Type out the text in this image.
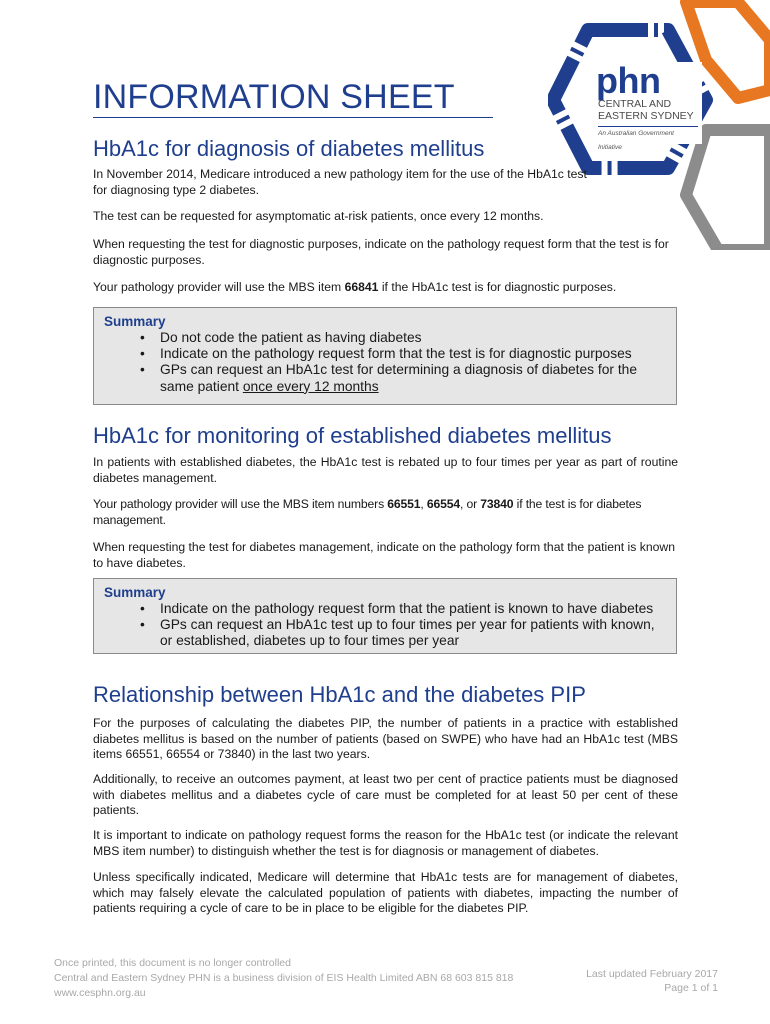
phn
CENTRAL AND
EASTERN SYDNEY
An Australian Government Initiative
INFORMATION SHEET
HbA1c for diagnosis of diabetes mellitus

In November 2014, Medicare introduced a new pathology item for the use of the HbA1c test for diagnosing type 2 diabetes.

The test can be requested for asymptomatic at-risk patients, once every 12 months.

When requesting the test for diagnostic purposes, indicate on the pathology request form that the test is for diagnostic purposes.

Your pathology provider will use the MBS item 66841 if the HbA1c test is for diagnostic purposes.

Summary
• Do not code the patient as having diabetes
• Indicate on the pathology request form that the test is for diagnostic purposes
• GPs can request an HbA1c test for determining a diagnosis of diabetes for the same patient once every 12 months
HbA1c for monitoring of established diabetes mellitus

In patients with established diabetes, the HbA1c test is rebated up to four times per year as part of routine diabetes management.

Your pathology provider will use the MBS item numbers 66551, 66554, or 73840 if the test is for diabetes management.

When requesting the test for diabetes management, indicate on the pathology form that the patient is known to have diabetes.

Summary
• Indicate on the pathology request form that the patient is known to have diabetes
• GPs can request an HbA1c test up to four times per year for patients with known, or established, diabetes up to four times per year
Relationship between HbA1c and the diabetes PIP

For the purposes of calculating the diabetes PIP, the number of patients in a practice with established diabetes mellitus is based on the number of patients (based on SWPE) who have had an HbA1c test (MBS items 66551, 66554 or 73840) in the last two years.

Additionally, to receive an outcomes payment, at least two per cent of practice patients must be diagnosed with diabetes mellitus and a diabetes cycle of care must be completed for at least 50 per cent of these patients.

It is important to indicate on pathology request forms the reason for the HbA1c test (or indicate the relevant MBS item number) to distinguish whether the test is for diagnosis or management of diabetes.

Unless specifically indicated, Medicare will determine that HbA1c tests are for management of diabetes, which may falsely elevate the calculated population of patients with diabetes, impacting the number of patients requiring a cycle of care to be in place to be eligible for the diabetes PIP.

Once printed, this document is no longer controlled
Central and Eastern Sydney PHN is a business division of EIS Health Limited ABN 68 603 815 818
www.cesphn.org.au
Last updated February 2017
Page 1 of 1
